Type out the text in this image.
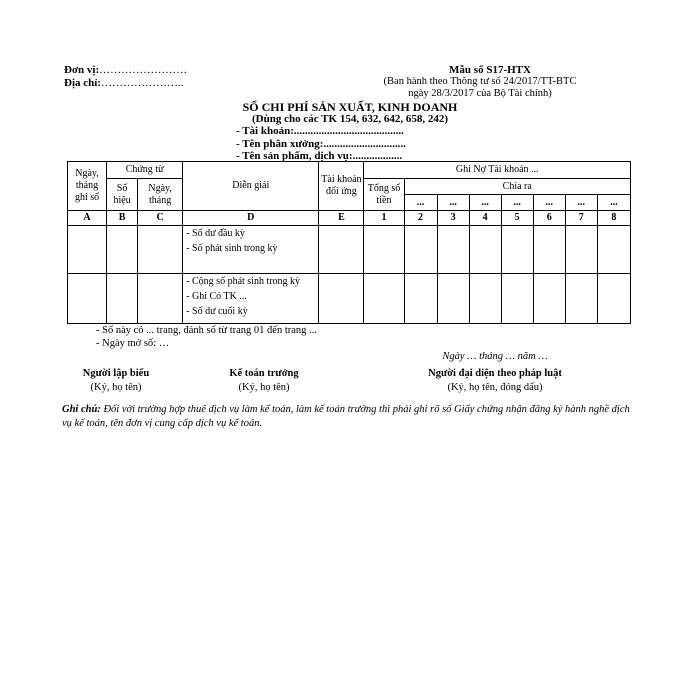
Đơn vị:……………………
Địa chỉ:…………………..
Mẫu số S17-HTX
(Ban hành theo Thông tư số 24/2017/TT-BTC
ngày 28/3/2017 của Bộ Tài chính)
SỔ CHI PHÍ SẢN XUẤT, KINH DOANH
(Dùng cho các TK 154, 632, 642, 658, 242)
- Tài khoản:........................................
- Tên phân xưởng:..............................
- Tên sản phẩm, dịch vụ:..................
Ngày, tháng ghi sổ	Chứng từ		Diễn giải	Tài khoản đối ứng	Ghi Nợ Tài khoản ...							
	Số hiệu	Ngày, tháng			Tổng số tiền	Chia ra						
						...	...	...	...	...	...	...
A	B	C	D	E	1	2	3	4	5	6	7	8

			- Số dư đầu kỳ
- Số phát sinh trong kỳ									

			- Cộng số phát sinh trong kỳ
- Ghi Có TK ...
- Số dư cuối kỳ									

- Sổ này có ... trang, đánh số từ trang 01 đến trang ...
- Ngày mở sổ: …
Ngày … tháng … năm …
Người lập biểu
(Ký, họ tên)
Kế toán trưởng
(Ký, họ tên)
Người đại diện theo pháp luật
(Ký, họ tên, đóng dấu)
Ghi chú: Đối với trường hợp thuê dịch vụ làm kế toán, làm kế toán trưởng thì phải ghi rõ số Giấy chứng nhận đăng ký hành nghề dịch vụ kế toán, tên đơn vị cung cấp dịch vụ kế toán.
